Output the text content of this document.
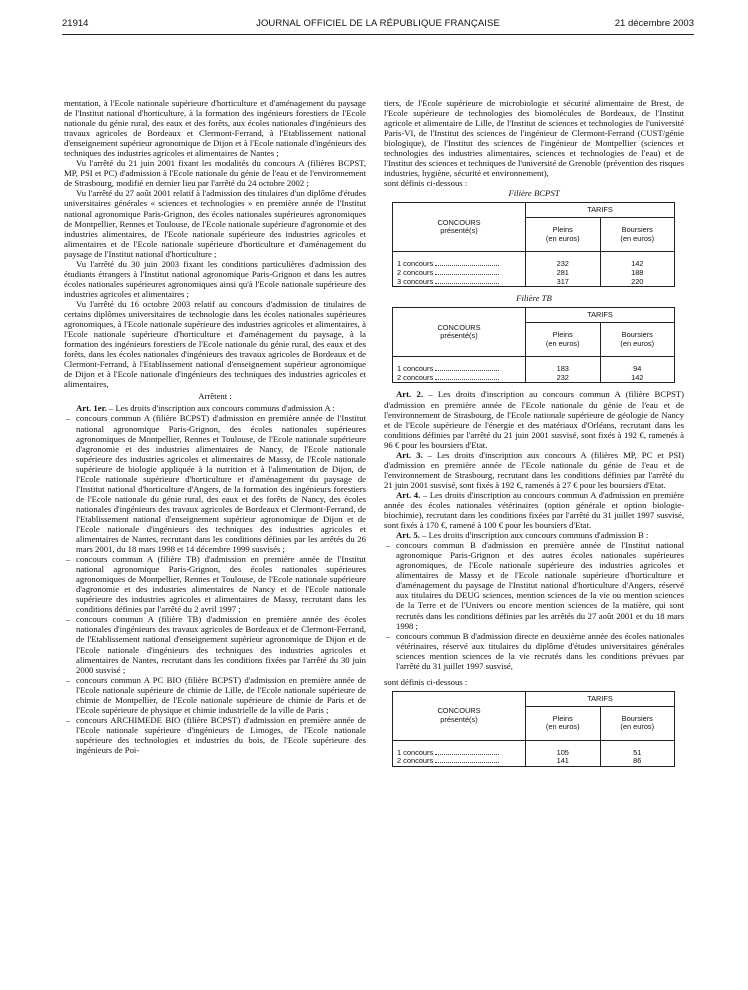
21914	JOURNAL OFFICIEL DE LA RÉPUBLIQUE FRANÇAISE	21 décembre 2003

mentation, à l'Ecole nationale supérieure d'horticulture et d'aménagement du paysage de l'Institut national d'horticulture, à la formation des ingénieurs forestiers de l'Ecole nationale du génie rural, des eaux et des forêts, aux écoles nationales d'ingénieurs des travaux agricoles de Bordeaux et Clermont-Ferrand, à l'Etablissement national d'enseignement supérieur agronomique de Dijon et à l'Ecole nationale d'ingénieurs des techniques des industries agricoles et alimentaires de Nantes ;

Vu l'arrêté du 21 juin 2001 fixant les modalités du concours A (filières BCPST, MP, PSI et PC) d'admission à l'Ecole nationale du génie de l'eau et de l'environnement de Strasbourg, modifié en dernier lieu par l'arrêté du 24 octobre 2002 ;

Vu l'arrêté du 27 août 2001 relatif à l'admission des titulaires d'un diplôme d'études universitaires générales « sciences et technologies » en première année de l'Institut national agronomique Paris-Grignon, des écoles nationales supérieures agronomiques de Montpellier, Rennes et Toulouse, de l'Ecole nationale supérieure d'agronomie et des industries alimentaires, de l'Ecole nationale supérieure des industries agricoles et alimentaires et de l'Ecole nationale supérieure d'horticulture et d'aménagement du paysage de l'Institut national d'horticulture ;

Vu l'arrêté du 30 juin 2003 fixant les conditions particulières d'admission des étudiants étrangers à l'Institut national agronomique Paris-Grignon et dans les autres écoles nationales supérieures agronomiques ainsi qu'à l'Ecole nationale supérieure des industries agricoles et alimentaires ;

Vu l'arrêté du 16 octobre 2003 relatif au concours d'admission de titulaires de certains diplômes universitaires de technologie dans les écoles nationales supérieures agronomiques, à l'Ecole nationale supérieure des industries agricoles et alimentaires, à l'Ecole nationale supérieure d'horticulture et d'aménagement du paysage, à la formation des ingénieurs forestiers de l'Ecole nationale du génie rural, des eaux et des forêts, dans les écoles nationales d'ingénieurs des travaux agricoles de Bordeaux et de Clermont-Ferrand, à l'Etablissement national d'enseignement supérieur agronomique de Dijon et à l'Ecole nationale d'ingénieurs des techniques des industries agricoles et alimentaires,

Arrêtent :

Art. 1er. – Les droits d'inscription aux concours communs d'admission A :

– concours commun A (filière BCPST) d'admission en première année de l'Institut national agronomique Paris-Grignon, des écoles nationales supérieures agronomiques de Montpellier, Rennes et Toulouse, de l'Ecole nationale supérieure d'agronomie et des industries alimentaires de Nancy, de l'Ecole nationale supérieure des industries agricoles et alimentaires de Massy, de l'Ecole nationale supérieure de biologie appliquée à la nutrition et à l'alimentation de Dijon, de l'Ecole nationale supérieure d'horticulture et d'aménagement du paysage de l'Institut national d'horticulture d'Angers, de la formation des ingénieurs forestiers de l'Ecole nationale du génie rural, des eaux et des forêts de Nancy, des écoles nationales d'ingénieurs des travaux agricoles de Bordeaux et Clermont-Ferrand, de l'Etablissement national d'enseignement supérieur agronomique de Dijon et de l'Ecole nationale d'ingénieurs des techniques des industries agricoles et alimentaires de Nantes, recrutant dans les conditions définies par les arrêtés du 26 mars 2001, du 18 mars 1998 et 14 décembre 1999 susvisés ;
– concours commun A (filière TB) d'admission en première année de l'Institut national agronomique Paris-Grignon, des écoles nationales supérieures agronomiques de Montpellier, Rennes et Toulouse, de l'Ecole nationale supérieure d'agronomie et des industries alimentaires de Nancy et de l'Ecole nationale supérieure des industries agricoles et alimentaires de Massy, recrutant dans les conditions définies par l'arrêté du 2 avril 1997 ;
– concours commun A (filière TB) d'admission en première année des écoles nationales d'ingénieurs des travaux agricoles de Bordeaux et de Clermont-Ferrand, de l'Etablissement national d'enseignement supérieur agronomique de Dijon et de l'Ecole nationale d'ingénieurs des techniques des industries agricoles et alimentaires de Nantes, recrutant dans les conditions fixées par l'arrêté du 30 juin 2000 susvisé ;
– concours commun A PC BIO (filière BCPST) d'admission en première année de l'Ecole nationale supérieure de chimie de Lille, de l'Ecole nationale supérieure de chimie de Montpellier, de l'Ecole nationale supérieure de chimie de Paris et de l'Ecole supérieure de physique et chimie industrielle de la ville de Paris ;
– concours ARCHIMEDE BIO (filière BCPST) d'admission en première année de l'Ecole nationale supérieure d'ingénieurs de Limoges, de l'Ecole nationale supérieure des technologies et industries du bois, de l'Ecole supérieure des ingénieurs de Poi-

tiers, de l'Ecole supérieure de microbiologie et sécurité alimentaire de Brest, de l'Ecole supérieure de technologies des biomolécules de Bordeaux, de l'Institut agricole et alimentaire de Lille, de l'Institut de sciences et technologies de l'université Paris-VI, de l'Institut des sciences de l'ingénieur de Clermont-Ferrand (CUST/génie biologique), de l'Institut des sciences de l'ingénieur de Montpellier (sciences et technologies des industries alimentaires, sciences et technologies de l'eau) et de l'Institut des sciences et techniques de l'université de Grenoble (prévention des risques industries, hygiène, sécurité et environnement),

sont définis ci-dessous :

Filière BCPST

CONCOURS
présenté(s)	TARIFS	
	Pleins
(en euros)	Boursiers
(en euros)
1 concours	232	142
2 concours	281	188
3 concours	317	220

Filière TB

CONCOURS
présenté(s)	TARIFS	
	Pleins
(en euros)	Boursiers
(en euros)
1 concours	183	94
2 concours	232	142

Art. 2. – Les droits d'inscription au concours commun A (filière BCPST) d'admission en première année de l'Ecole nationale du génie de l'eau et de l'environnement de Strasbourg, de l'Ecole nationale supérieure de géologie de Nancy et de l'Ecole supérieure de l'énergie et des matériaux d'Orléans, recrutant dans les conditions définies par l'arrêté du 21 juin 2001 susvisé, sont fixés à 192 €, ramenés à 96 € pour les boursiers d'Etat.

Art. 3. – Les droits d'inscription aux concours A (filières MP, PC et PSI) d'admission en première année de l'Ecole nationale du génie de l'eau et de l'environnement de Strasbourg, recrutant dans les conditions définies par l'arrêté du 21 juin 2001 susvisé, sont fixés à 192 €, ramenés à 27 € pour les boursiers d'Etat.

Art. 4. – Les droits d'inscription au concours commun A d'admission en première année des écoles nationales vétérinaires (option générale et option biologie-biochimie), recrutant dans les conditions fixées par l'arrêté du 31 juillet 1997 susvisé, sont fixés à 170 €, ramené à 100 € pour les boursiers d'Etat.

Art. 5. – Les droits d'inscription aux concours communs d'admission B :

– concours commun B d'admission en première année de l'Institut national agronomique Paris-Grignon et des autres écoles nationales supérieures agronomiques, de l'Ecole nationale supérieure des industries agricoles et alimentaires de Massy et de l'Ecole nationale supérieure d'horticulture et d'aménagement du paysage de l'Institut national d'horticulture d'Angers, réservé aux titulaires du DEUG sciences, mention sciences de la vie ou mention sciences de la Terre et de l'Univers ou encore mention sciences de la matière, qui sont recrutés dans les conditions définies par les arrêtés du 27 août 2001 et du 18 mars 1998 ;
– concours commun B d'admission directe en deuxième année des écoles nationales vétérinaires, réservé aux titulaires du diplôme d'études universitaires générales sciences mention sciences de la vie recrutés dans les conditions prévues par l'arrêté du 31 juillet 1997 susvisé,

sont définis ci-dessous :

CONCOURS
présenté(s)	TARIFS	
	Pleins
(en euros)	Boursiers
(en euros)
1 concours	105	51
2 concours	141	86
